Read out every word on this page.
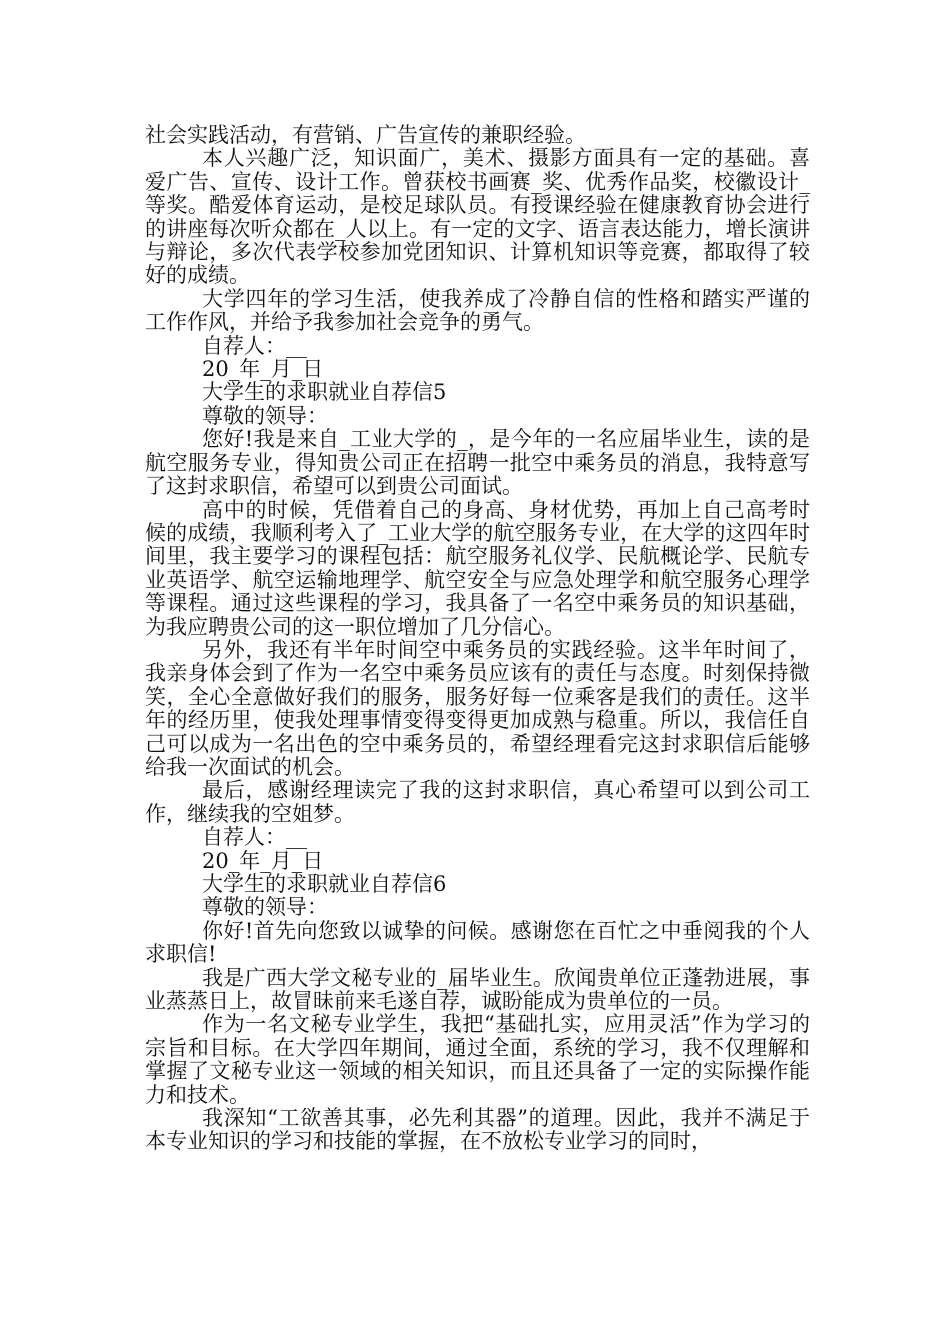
社会实践活动，有营销、广告宣传的兼职经验。

本人兴趣广泛，知识面广，美术、摄影方面具有一定的基础。喜爱广告、宣传、设计工作。曾获校书画赛_奖、优秀作品奖，校徽设计_等奖。酷爱体育运动，是校足球队员。有授课经验在健康教育协会进行的讲座每次听众都在_人以上。有一定的文字、语言表达能力，增长演讲与辩论，多次代表学校参加党团知识、计算机知识等竞赛，都取得了较好的成绩。

大学四年的学习生活，使我养成了冷静自信的性格和踏实严谨的工作作风，并给予我参加社会竞争的勇气。

自荐人：__

20_年_月_日

大学生的求职就业自荐信5

尊敬的领导：

您好!我是来自_工业大学的_，是今年的一名应届毕业生，读的是航空服务专业，得知贵公司正在招聘一批空中乘务员的消息，我特意写了这封求职信，希望可以到贵公司面试。

高中的时候，凭借着自己的身高、身材优势，再加上自己高考时候的成绩，我顺利考入了_工业大学的航空服务专业，在大学的这四年时间里，我主要学习的课程包括：航空服务礼仪学、民航概论学、民航专业英语学、航空运输地理学、航空安全与应急处理学和航空服务心理学等课程。通过这些课程的学习，我具备了一名空中乘务员的知识基础，为我应聘贵公司的这一职位增加了几分信心。

另外，我还有半年时间空中乘务员的实践经验。这半年时间了，我亲身体会到了作为一名空中乘务员应该有的责任与态度。时刻保持微笑，全心全意做好我们的服务，服务好每一位乘客是我们的责任。这半年的经历里，使我处理事情变得变得更加成熟与稳重。所以，我信任自己可以成为一名出色的空中乘务员的，希望经理看完这封求职信后能够给我一次面试的机会。

最后，感谢经理读完了我的这封求职信，真心希望可以到公司工作，继续我的空姐梦。

自荐人：__

20_年_月_日

大学生的求职就业自荐信6

尊敬的领导：

你好!首先向您致以诚挚的问候。感谢您在百忙之中垂阅我的个人求职信!

我是广西大学文秘专业的_届毕业生。欣闻贵单位正蓬勃进展，事业蒸蒸日上，故冒昧前来毛遂自荐，诚盼能成为贵单位的一员。

作为一名文秘专业学生，我把“基础扎实，应用灵活”作为学习的宗旨和目标。在大学四年期间，通过全面，系统的学习，我不仅理解和掌握了文秘专业这一领域的相关知识，而且还具备了一定的实际操作能力和技术。

我深知“工欲善其事，必先利其器”的道理。因此，我并不满足于本专业知识的学习和技能的掌握，在不放松专业学习的同时，
